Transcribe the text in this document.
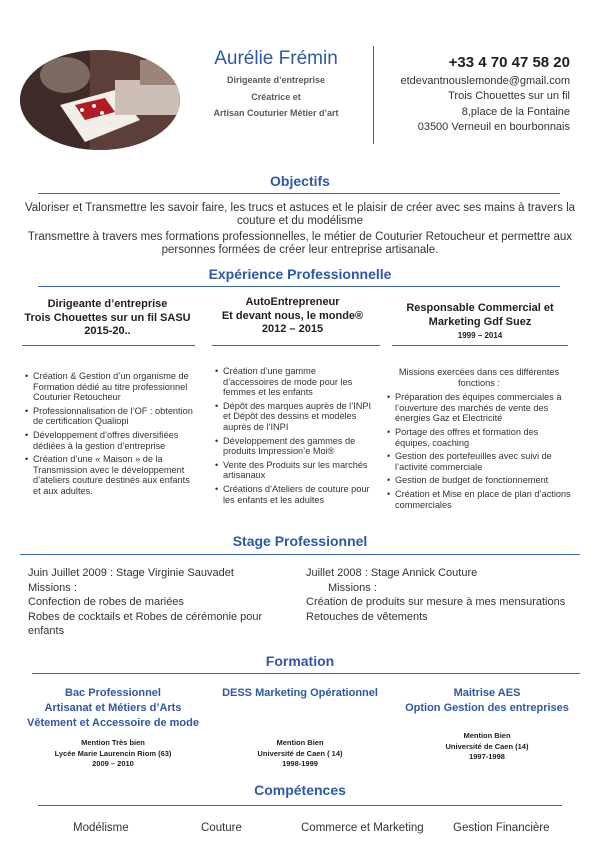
Aurélie Frémin
Dirigeante d’entreprise
Créatrice et
Artisan Couturier Métier d’art
+33 4 70 47 58 20
etdevantnouslemonde@gmail.com
Trois Chouettes sur un fil
8,place de la Fontaine
03500 Verneuil en bourbonnais
Objectifs
Valoriser et Transmettre les savoir faire, les trucs et astuces et le plaisir de créer avec ses mains à travers la couture et du modélisme
Transmettre à travers mes formations professionnelles, le métier de Couturier Retoucheur et permettre aux personnes formées de créer leur entreprise artisanale.
Expérience Professionnelle
Dirigeante d’entreprise
Trois Chouettes sur un fil SASU
2015-20..
AutoEntrepreneur
Et devant nous, le monde®
2012 – 2015
Responsable Commercial et
Marketing Gdf Suez
1999 – 2014
• Création & Gestion d’un organisme de Formation dédié au titre professionnel Couturier Retoucheur
• Professionnalisation de l’OF : obtention de certification Qualiopi
• Développement d’offres diversifiées dédiées à la gestion d’entreprise
• Création d’une « Maison » de la Transmission avec le développement d’ateliers couture destinés aux enfants et aux adultes.
• Création d’une gamme d’accessoires de mode pour les femmes et les enfants
• Dépôt des marques auprès de l’INPI et Dépôt des dessins et modèles auprès de l’INPI
• Développement des gammes de produits Impression’e Moi®
• Vente des Produits sur les marchés artisanaux
• Créations d’Ateliers de couture pour les enfants et les adultes
Missions exercées dans ces différentes fonctions :
• Préparation des équipes commerciales à l’ouverture des marchés de vente des énergies Gaz et Electricité
• Portage des offres et formation des équipes, coaching
• Gestion des portefeuilles avec suivi de l’activité commerciale
• Gestion de budget de fonctionnement
• Création et Mise en place de plan d’actions commerciales
Stage Professionnel
Juin Juillet 2009 : Stage Virginie Sauvadet
Missions :
Confection de robes de mariées
Robes de cocktails et Robes de cérémonie pour enfants
Juillet 2008 : Stage Annick Couture
Missions :
Création de produits sur mesure à mes mensurations
Retouches de vêtements
Formation
Bac Professionnel
Artisanat et Métiers d’Arts
Vêtement et Accessoire de mode
Mention Très bien
Lycée Marie Laurencin Riom (63)
2009 – 2010
DESS Marketing Opérationnel
Mention Bien
Université de Caen ( 14)
1998-1999
Maitrise AES
Option Gestion des entreprises
Mention Bien
Université de Caen (14)
1997-1998
Compétences
Modélisme	Couture	Commerce et Marketing	Gestion Financière
